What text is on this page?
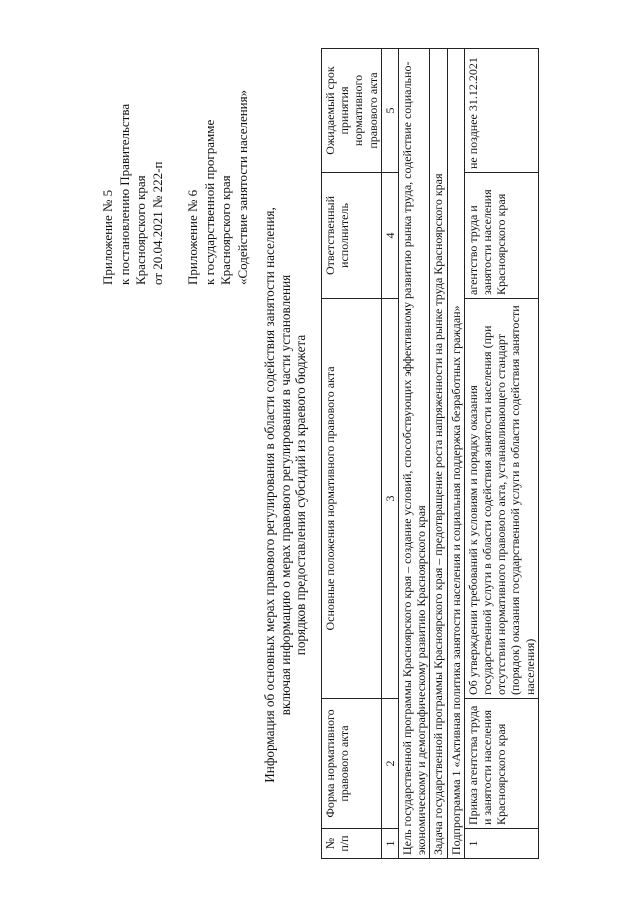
Приложение № 5 к постановлению Правительства Красноярского края от 20.04.2021 № 222-п Приложение № 6 к государственной программе Красноярского края «Содействие занятости населения»
Информация об основных мерах правового регулирования в области содействия занятости населения, включая информацию о мерах правового регулирования в части установления порядков предоставления субсидий из краевого бюджета
№ п/п	Форма нормативного правового акта	Основные положения нормативного правового акта	Ответственный исполнитель	Ожидаемый срок принятия нормативного правового акта
1	2	3	4	5
Цель государственной программы Красноярского края – создание условий, способствующих эффективному развитию рынка труда, содействие социально-экономическому и демографическому развитию Красноярского края				
Задача государственной программы Красноярского края – предотвращение роста напряженности на рынке труда Красноярского края				
Подпрограмма 1 «Активная политика занятости населения и социальная поддержка безработных граждан»				
1	Приказ агентства труда и занятости населения Красноярского края	Об утверждении требований к условиям и порядку оказания государственной услуги в области содействия занятости населения (при отсутствии нормативного правового акта, устанавливающего стандарт (порядок) оказания государственной услуги в области содействия занятости населения)	агентство труда и занятости населения Красноярского края	не позднее 31.12.2021
